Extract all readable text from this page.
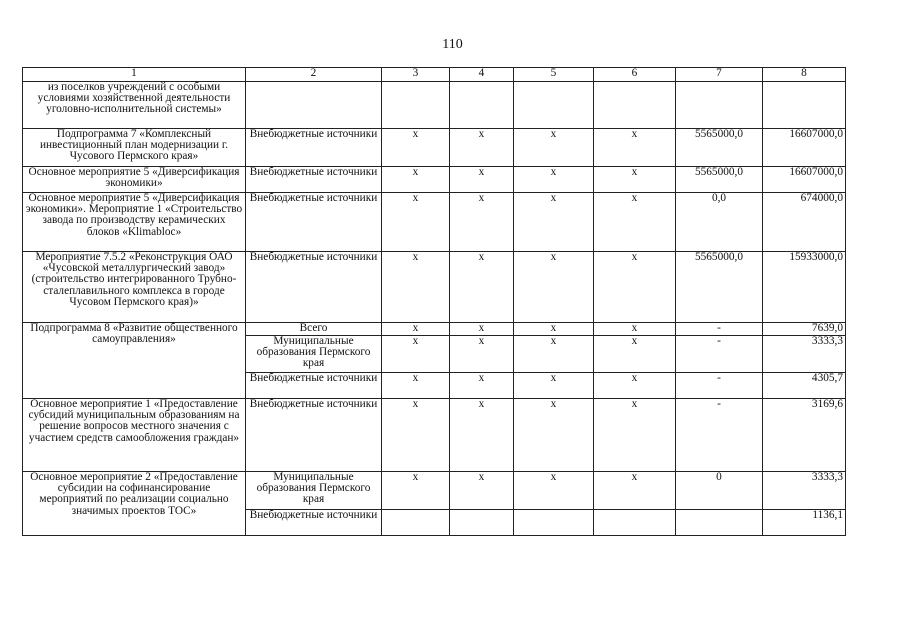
110
1	2	3	4	5	6	7	8
из поселков учреждений с особыми условиями хозяйственной деятельности уголовно-исполнительной системы»							
Подпрограмма 7 «Комплексный инвестиционный план модернизации г. Чусового Пермского края»	Внебюджетные источники	х	х	х	х	5565000,0	16607000,0
Основное мероприятие 5 «Диверсификация экономики»	Внебюджетные источники	х	х	х	х	5565000,0	16607000,0
Основное мероприятие 5 «Диверсификация экономики». Мероприятие 1 «Строительство завода по производству керамических блоков «Klimabloc»	Внебюджетные источники	х	х	х	х	0,0	674000,0
Мероприятие 7.5.2 «Реконструкция ОАО «Чусовской металлургический завод» (строительство интегрированного Трубно-сталеплавильного комплекса в городе Чусовом Пермского края)»	Внебюджетные источники	х	х	х	х	5565000,0	15933000,0
Подпрограмма 8 «Развитие общественного самоуправления»	Всего	х	х	х	х	-	7639,0
	Муниципальные образования Пермского края	х	х	х	х	-	3333,3
	Внебюджетные источники	х	х	х	х	-	4305,7
Основное мероприятие 1 «Предоставление субсидий муниципальным образованиям на решение вопросов местного значения с участием средств самообложения граждан»	Внебюджетные источники	х	х	х	х	-	3169,6
Основное мероприятие 2 «Предоставление субсидии на софинансирование мероприятий по реализации социально значимых проектов ТОС»	Муниципальные образования Пермского края	х	х	х	х	0	3333,3
	Внебюджетные источники						1136,1
